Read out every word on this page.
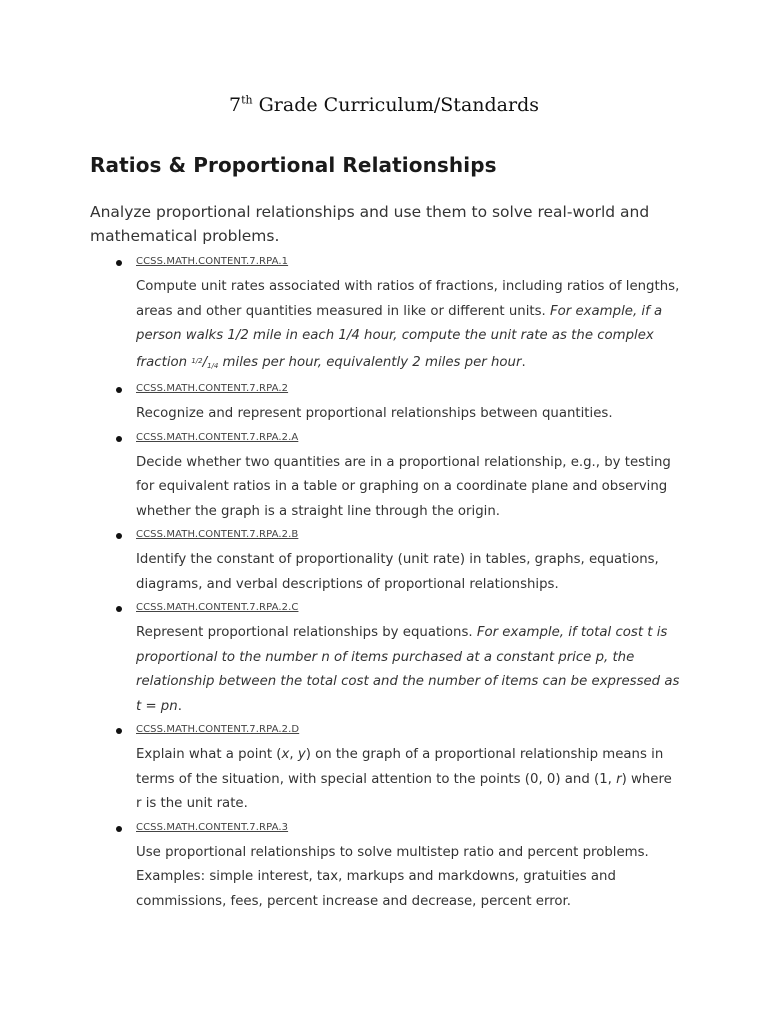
7th Grade Curriculum/Standards
Ratios & Proportional Relationships

Analyze proportional relationships and use them to solve real-world and mathematical problems.

CCSS.MATH.CONTENT.7.RPA.1

Compute unit rates associated with ratios of fractions, including ratios of lengths, areas and other quantities measured in like or different units. For example, if a person walks 1/2 mile in each 1/4 hour, compute the unit rate as the complex fraction $^{1/2}$/1/4 miles per hour, equivalently 2 miles per hour.

CCSS.MATH.CONTENT.7.RPA.2

Recognize and represent proportional relationships between quantities.

CCSS.MATH.CONTENT.7.RPA.2.A

Decide whether two quantities are in a proportional relationship, e.g., by testing for equivalent ratios in a table or graphing on a coordinate plane and observing whether the graph is a straight line through the origin.

CCSS.MATH.CONTENT.7.RPA.2.B

Identify the constant of proportionality (unit rate) in tables, graphs, equations, diagrams, and verbal descriptions of proportional relationships.

CCSS.MATH.CONTENT.7.RPA.2.C

Represent proportional relationships by equations. For example, if total cost t is proportional to the number n of items purchased at a constant price p, the relationship between the total cost and the number of items can be expressed as t = pn.

CCSS.MATH.CONTENT.7.RPA.2.D

Explain what a point (x, y) on the graph of a proportional relationship means in terms of the situation, with special attention to the points (0, 0) and (1, r) where r is the unit rate.

CCSS.MATH.CONTENT.7.RPA.3

Use proportional relationships to solve multistep ratio and percent problems. Examples: simple interest, tax, markups and markdowns, gratuities and commissions, fees, percent increase and decrease, percent error.
